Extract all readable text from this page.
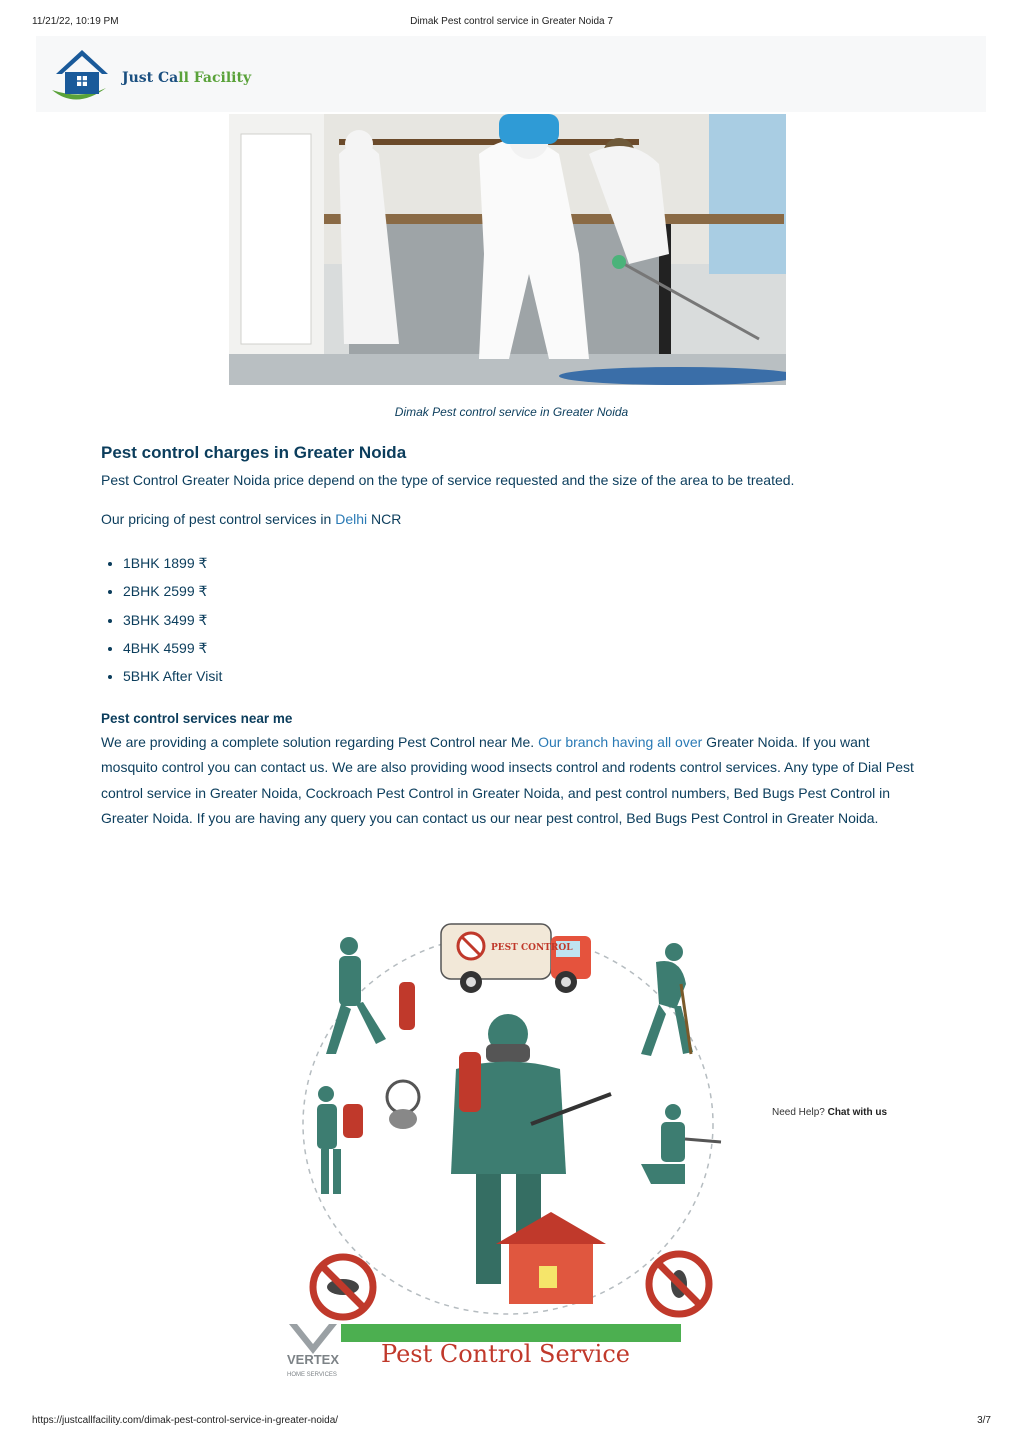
11/21/22, 10:19 PM	Dimak Pest control service in Greater Noida 7
Just Call Facility
Dimak Pest control service in Greater Noida
Pest control charges in Greater Noida

Pest Control Greater Noida price depend on the type of service requested and the size of the area to be treated.

Our pricing of pest control services in Delhi NCR

• 1BHK 1899 ₹
• 2BHK 2599 ₹
• 3BHK 3499 ₹
• 4BHK 4599 ₹
• 5BHK After Visit
Pest control services near me

We are providing a complete solution regarding Pest Control near Me. Our branch having all over Greater Noida. If you want mosquito control you can contact us. We are also providing wood insects control and rodents control services. Any type of Dial Pest control service in Greater Noida, Cockroach Pest Control in Greater Noida, and pest control numbers, Bed Bugs Pest Control in Greater Noida. If you are having any query you can contact us our near pest control, Bed Bugs Pest Control in Greater Noida.

PEST CONTROL
VERTEX
HOME SERVICES
Pest Control Service
Need Help? Chat with us
https://justcallfacility.com/dimak-pest-control-service-in-greater-noida/	3/7
